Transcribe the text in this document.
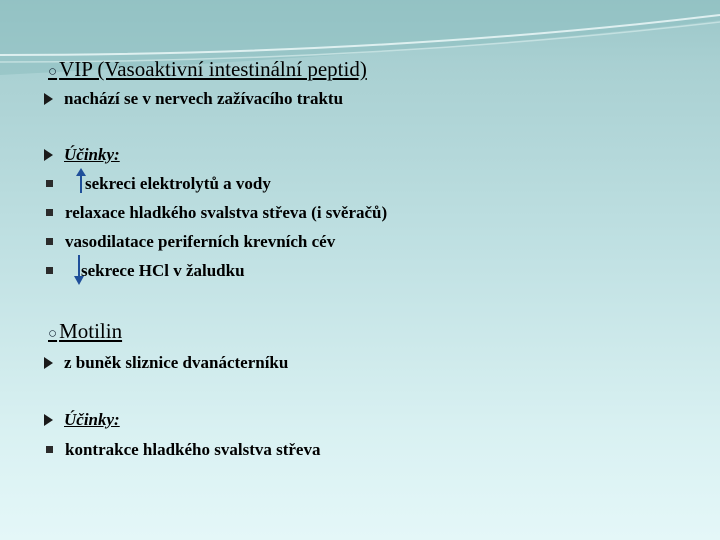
○VIP (Vasoaktivní intestinální peptid)
nachází se v nervech zažívacího traktu
Účinky:
sekreci elektrolytů a vody
relaxace hladkého svalstva střeva (i svěračů)
vasodilatace periferních krevních cév
sekrece HCl v žaludku
○Motilin
z buněk sliznice dvanácterníku
Účinky:
kontrakce hladkého svalstva střeva
